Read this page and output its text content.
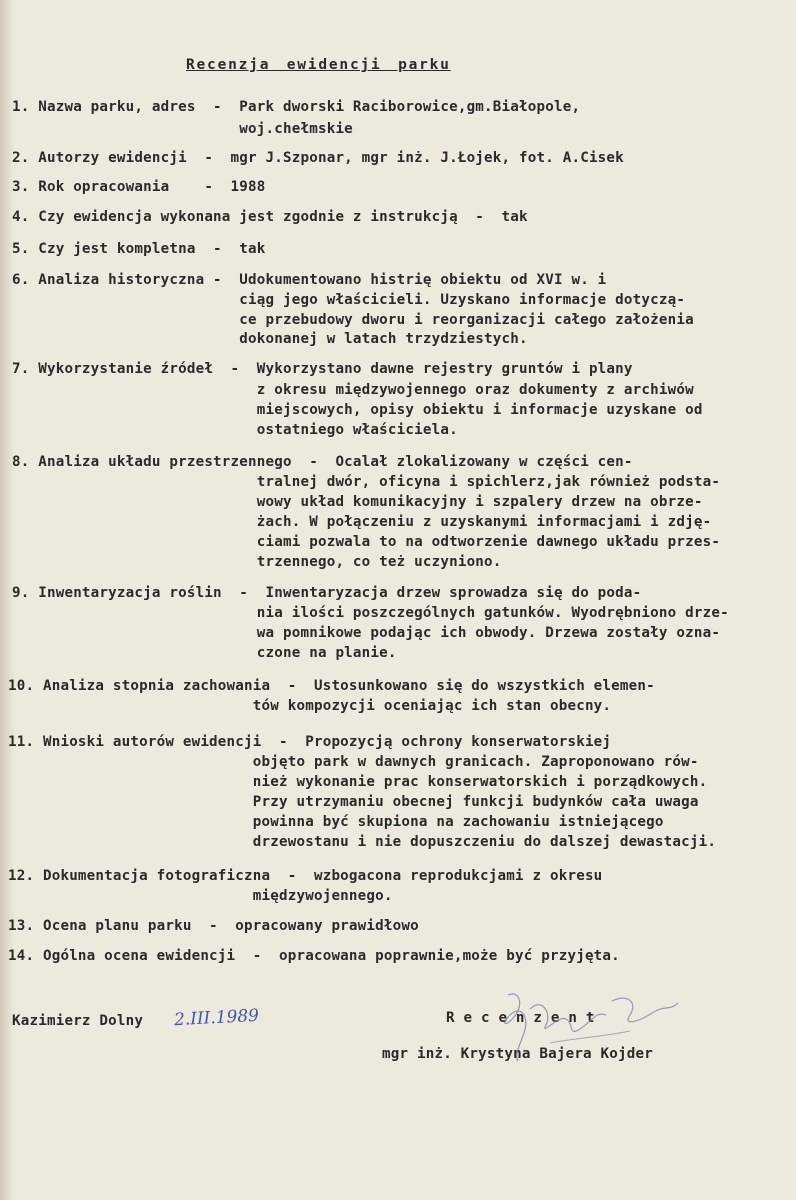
Recenzja ewidencji parku
1. Nazwa parku, adres  -  Park dworski Raciborowice,gm.Białopole,
woj.chełmskie
2. Autorzy ewidencji  -  mgr J.Szponar, mgr inż. J.Łojek, fot. A.Cisek
3. Rok opracowania    -  1988
4. Czy ewidencja wykonana jest zgodnie z instrukcją  -  tak
5. Czy jest kompletna  -  tak
6. Analiza historyczna -  Udokumentowano histrię obiektu od XVI w. i
ciąg jego właścicieli. Uzyskano informacje dotyczą-
ce przebudowy dworu i reorganizacji całego założenia
dokonanej w latach trzydziestych.
7. Wykorzystanie źródeł  -  Wykorzystano dawne rejestry gruntów i plany
z okresu międzywojennego oraz dokumenty z archiwów
miejscowych, opisy obiektu i informacje uzyskane od
ostatniego właściciela.
8. Analiza układu przestrzennego  -  Ocalał zlokalizowany w części cen-
tralnej dwór, oficyna i spichlerz,jak również podsta-
wowy układ komunikacyjny i szpalery drzew na obrze-
żach. W połączeniu z uzyskanymi informacjami i zdję-
ciami pozwala to na odtworzenie dawnego układu przes-
trzennego, co też uczyniono.
9. Inwentaryzacja roślin  -  Inwentaryzacja drzew sprowadza się do poda-
nia ilości poszczególnych gatunków. Wyodrębniono drze-
wa pomnikowe podając ich obwody. Drzewa zostały ozna-
czone na planie.
10. Analiza stopnia zachowania  -  Ustosunkowano się do wszystkich elemen-
tów kompozycji oceniając ich stan obecny.
11. Wnioski autorów ewidencji  -  Propozycją ochrony konserwatorskiej
objęto park w dawnych granicach. Zaproponowano rów-
nież wykonanie prac konserwatorskich i porządkowych.
Przy utrzymaniu obecnej funkcji budynków cała uwaga
powinna być skupiona na zachowaniu istniejącego
drzewostanu i nie dopuszczeniu do dalszej dewastacji.
12. Dokumentacja fotograficzna  -  wzbogacona reprodukcjami z okresu
międzywojennego.
13. Ocena planu parku  -  opracowany prawidłowo
14. Ogólna ocena ewidencji  -  opracowana poprawnie,może być przyjęta.
Kazimierz Dolny 2.III.1989	R e c e n z e n t
mgr inż. Krystyna Bajera Kojder
